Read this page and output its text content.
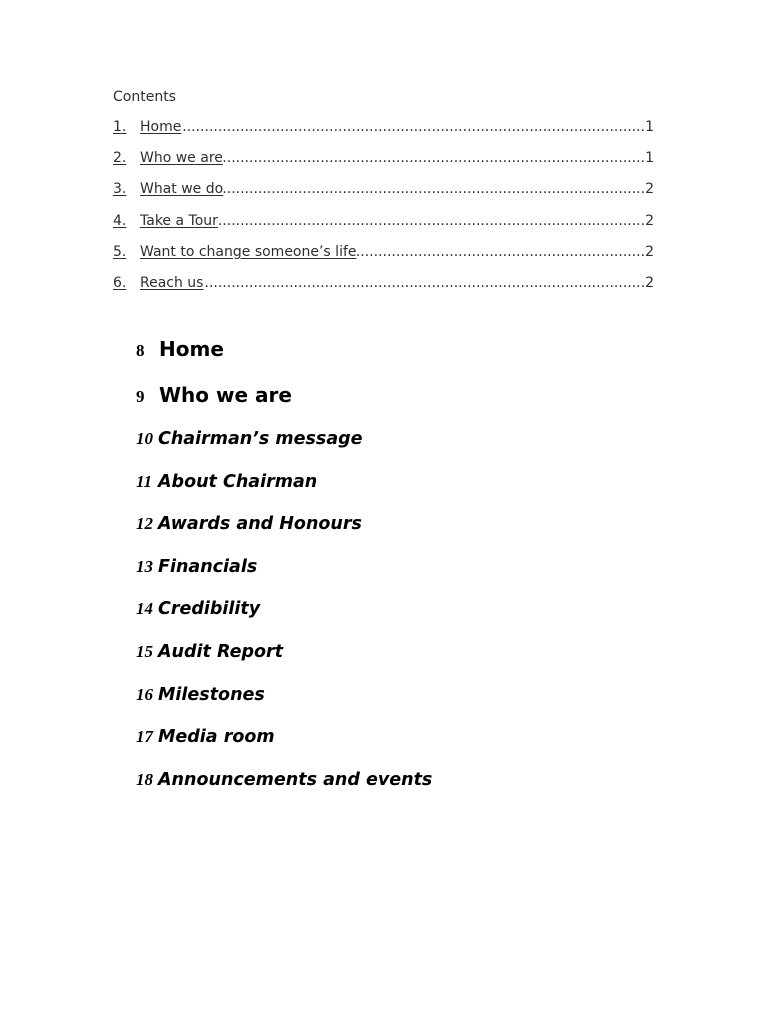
Contents
1. Home .....	1
2. Who we are .....	1
3. What we do .....	2
4. Take a Tour .....	2
5. Want to change someone’s life .....	2
6. Reach us .....	2
8 Home
9 Who we are
10 Chairman’s message
11 About Chairman
12 Awards and Honours
13 Financials
14 Credibility
15 Audit Report
16 Milestones
17 Media room
18 Announcements and events
